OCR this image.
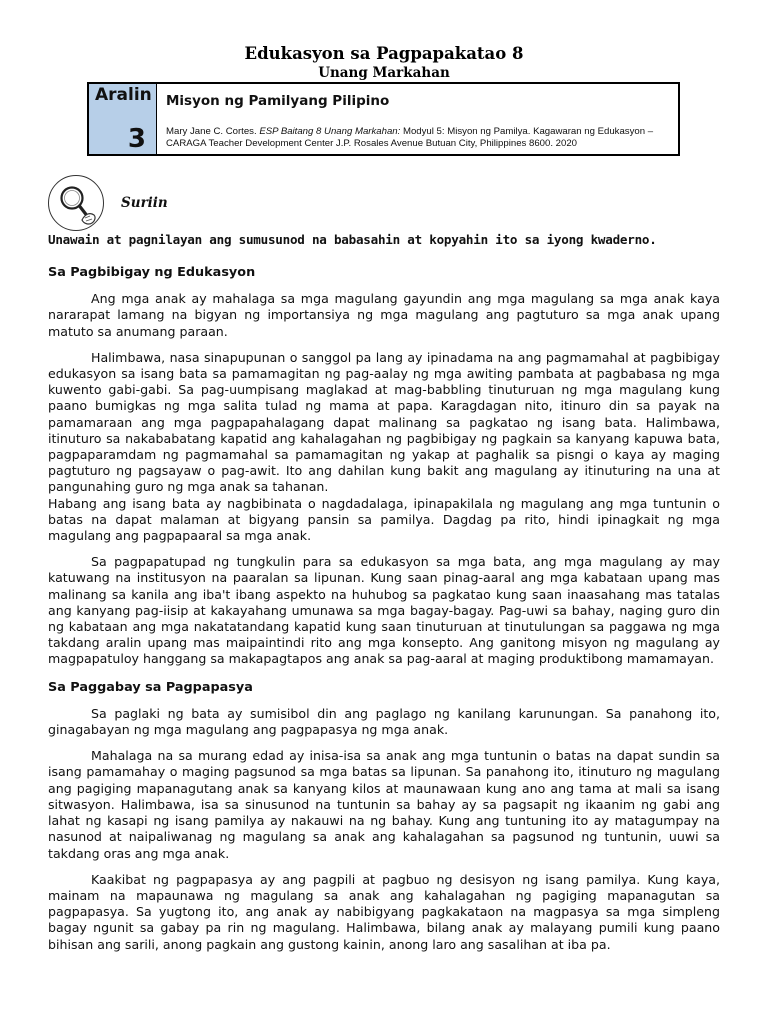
Edukasyon sa Pagpapakatao 8
Unang Markahan
Aralin
3
Misyon ng Pamilyang Pilipino
Mary Jane C. Cortes. ESP Baitang 8 Unang Markahan: Modyul 5: Misyon ng Pamilya. Kagawaran ng Edukasyon – CARAGA Teacher Development Center J.P. Rosales Avenue Butuan City, Philippines 8600. 2020
Suriin
Unawain at pagnilayan ang sumusunod na babasahin at kopyahin ito sa iyong kwaderno.
Sa Pagbibigay ng Edukasyon

Ang mga anak ay mahalaga sa mga magulang gayundin ang mga magulang sa mga anak kaya nararapat lamang na bigyan ng importansiya ng mga magulang ang pagtuturo sa mga anak upang matuto sa anumang paraan.

Halimbawa, nasa sinapupunan o sanggol pa lang ay ipinadama na ang pagmamahal at pagbibigay edukasyon sa isang bata sa pamamagitan ng pag-aalay ng mga awiting pambata at pagbabasa ng mga kuwento gabi-gabi. Sa pag-uumpisang maglakad at mag-babbling tinuturuan ng mga magulang kung paano bumigkas ng mga salita tulad ng mama at papa. Karagdagan nito, itinuro din sa payak na pamamaraan ang mga pagpapahalagang dapat malinang sa pagkatao ng isang bata. Halimbawa, itinuturo sa nakababatang kapatid ang kahalagahan ng pagbibigay ng pagkain sa kanyang kapuwa bata, pagpaparamdam ng pagmamahal sa pamamagitan ng yakap at paghalik sa pisngi o kaya ay maging pagtuturo ng pagsayaw o pag-awit. Ito ang dahilan kung bakit ang magulang ay itinuturing na una at pangunahing guro ng mga anak sa tahanan.

Habang ang isang bata ay nagbibinata o nagdadalaga, ipinapakilala ng magulang ang mga tuntunin o batas na dapat malaman at bigyang pansin sa pamilya. Dagdag pa rito, hindi ipinagkait ng mga magulang ang pagpapaaral sa mga anak.

Sa pagpapatupad ng tungkulin para sa edukasyon sa mga bata, ang mga magulang ay may katuwang na institusyon na paaralan sa lipunan. Kung saan pinag-aaral ang mga kabataan upang mas malinang sa kanila ang iba't ibang aspekto na huhubog sa pagkatao kung saan inaasahang mas tatalas ang kanyang pag-iisip at kakayahang umunawa sa mga bagay-bagay. Pag-uwi sa bahay, naging guro din ng kabataan ang mga nakatatandang kapatid kung saan tinuturuan at tinutulungan sa paggawa ng mga takdang aralin upang mas maipaintindi rito ang mga konsepto. Ang ganitong misyon ng magulang ay magpapatuloy hanggang sa makapagtapos ang anak sa pag-aaral at maging produktibong mamamayan.

Sa Paggabay sa Pagpapasya

Sa paglaki ng bata ay sumisibol din ang paglago ng kanilang karunungan. Sa panahong ito, ginagabayan ng mga magulang ang pagpapasya ng mga anak.

Mahalaga na sa murang edad ay inisa-isa sa anak ang mga tuntunin o batas na dapat sundin sa isang pamamahay o maging pagsunod sa mga batas sa lipunan. Sa panahong ito, itinuturo ng magulang ang pagiging mapanagutang anak sa kanyang kilos at maunawaan kung ano ang tama at mali sa isang sitwasyon. Halimbawa, isa sa sinusunod na tuntunin sa bahay ay sa pagsapit ng ikaanim ng gabi ang lahat ng kasapi ng isang pamilya ay nakauwi na ng bahay. Kung ang tuntuning ito ay matagumpay na nasunod at naipaliwanag ng magulang sa anak ang kahalagahan sa pagsunod ng tuntunin, uuwi sa takdang oras ang mga anak.

Kaakibat ng pagpapasya ay ang pagpili at pagbuo ng desisyon ng isang pamilya. Kung kaya, mainam na mapaunawa ng magulang sa anak ang kahalagahan ng pagiging mapanagutan sa pagpapasya. Sa yugtong ito, ang anak ay nabibigyang pagkakataon na magpasya sa mga simpleng bagay ngunit sa gabay pa rin ng magulang. Halimbawa, bilang anak ay malayang pumili kung paano bihisan ang sarili, anong pagkain ang gustong kainin, anong laro ang sasalihan at iba pa.
